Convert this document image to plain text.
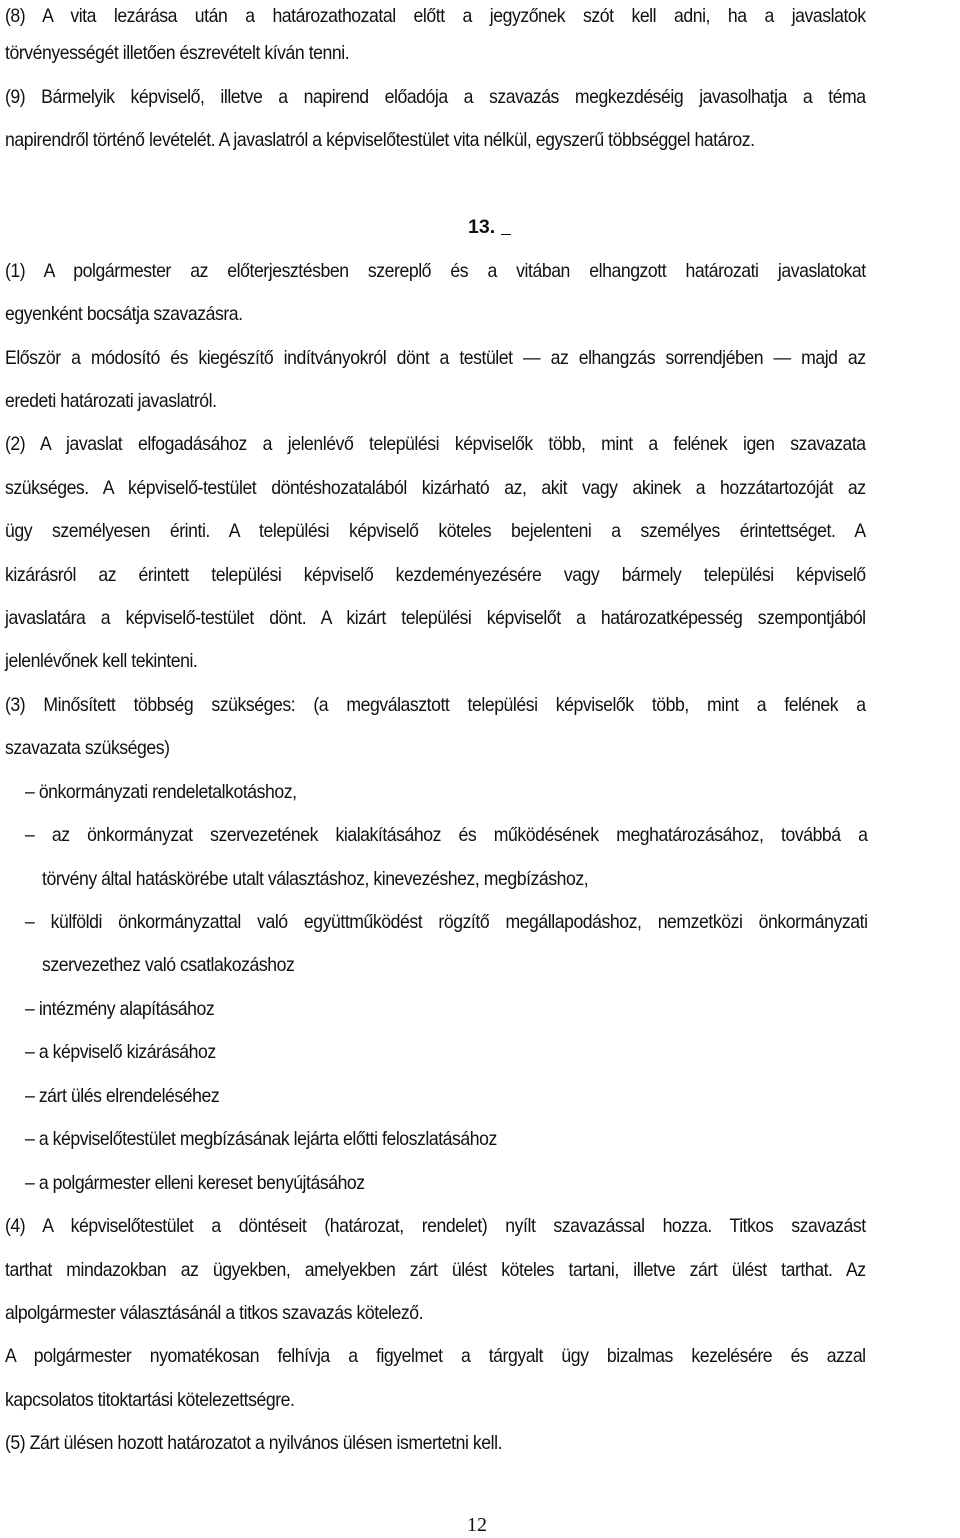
(8) A vita lezárása után a határozathozatal előtt a jegyzőnek szót kell adni, ha a javaslatok
törvényességét illetően észrevételt kíván tenni.
(9) Bármelyik képviselő, illetve a napirend előadója a szavazás megkezdéséig javasolhatja a téma
napirendről történő levételét. A javaslatról a képviselőtestület vita nélkül, egyszerű többséggel határoz.
13.
(1) A polgármester az előterjesztésben szereplő és a vitában elhangzott határozati javaslatokat
egyenként bocsátja szavazásra.
Először a módosító és kiegészítő indítványokról dönt a testület — az elhangzás sorrendjében — majd az
eredeti határozati javaslatról.
(2) A javaslat elfogadásához a jelenlévő települési képviselők több, mint a felének igen szavazata
szükséges. A képviselő-testület döntéshozatalából kizárható az, akit vagy akinek a hozzátartozóját az
ügy személyesen érinti. A települési képviselő köteles bejelenteni a személyes érintettséget. A
kizárásról az érintett települési képviselő kezdeményezésére vagy bármely települési képviselő
javaslatára a képviselő-testület dönt. A kizárt települési képviselőt a határozatképesség szempontjából
jelenlévőnek kell tekinteni.
(3) Minősített többség szükséges: (a megválasztott települési képviselők több, mint a felének a
szavazata szükséges)
– önkormányzati rendeletalkotáshoz,
– az önkormányzat szervezetének kialakításához és működésének meghatározásához, továbbá a
törvény által hatáskörébe utalt választáshoz, kinevezéshez, megbízáshoz,
– külföldi önkormányzattal való együttműködést rögzítő megállapodáshoz, nemzetközi önkormányzati
szervezethez való csatlakozáshoz
– intézmény alapításához
– a képviselő kizárásához
– zárt ülés elrendeléséhez
– a képviselőtestület megbízásának lejárta előtti feloszlatásához
– a polgármester elleni kereset benyújtásához
(4) A képviselőtestület a döntéseit (határozat, rendelet) nyílt szavazással hozza. Titkos szavazást
tarthat mindazokban az ügyekben, amelyekben zárt ülést köteles tartani, illetve zárt ülést tarthat. Az
alpolgármester választásánál a titkos szavazás kötelező.
A polgármester nyomatékosan felhívja a figyelmet a tárgyalt ügy bizalmas kezelésére és azzal
kapcsolatos titoktartási kötelezettségre.
(5) Zárt ülésen hozott határozatot a nyilvános ülésen ismertetni kell.
12
